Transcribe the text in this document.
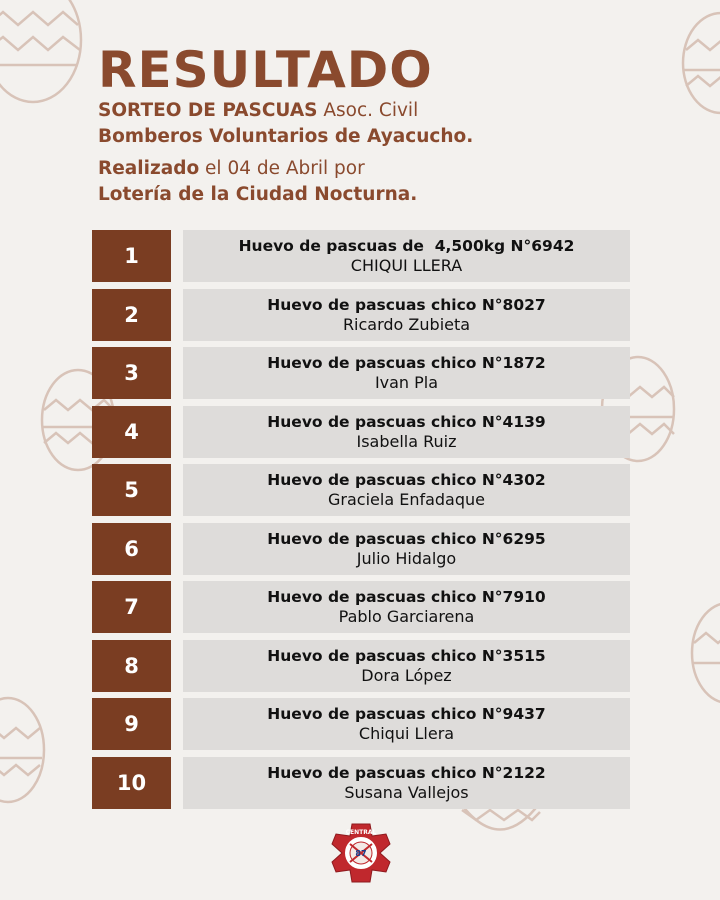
RESULTADO
SORTEO DE PASCUAS Asoc. Civil
Bomberos Voluntarios de Ayacucho.
Realizado el 04 de Abril por
Lotería de la Ciudad Nocturna.
1	Huevo de pascuas de  4,500kg N°6942
CHIQUI LLERA
2	Huevo de pascuas chico N°8027
Ricardo Zubieta
3	Huevo de pascuas chico N°1872
Ivan Pla
4	Huevo de pascuas chico N°4139
Isabella Ruiz
5	Huevo de pascuas chico N°4302
Graciela Enfadaque
6	Huevo de pascuas chico N°6295
Julio Hidalgo
7	Huevo de pascuas chico N°7910
Pablo Garciarena
8	Huevo de pascuas chico N°3515
Dora López
9	Huevo de pascuas chico N°9437
Chiqui Llera
10	Huevo de pascuas chico N°2122
Susana Vallejos
CENTRAL
87
